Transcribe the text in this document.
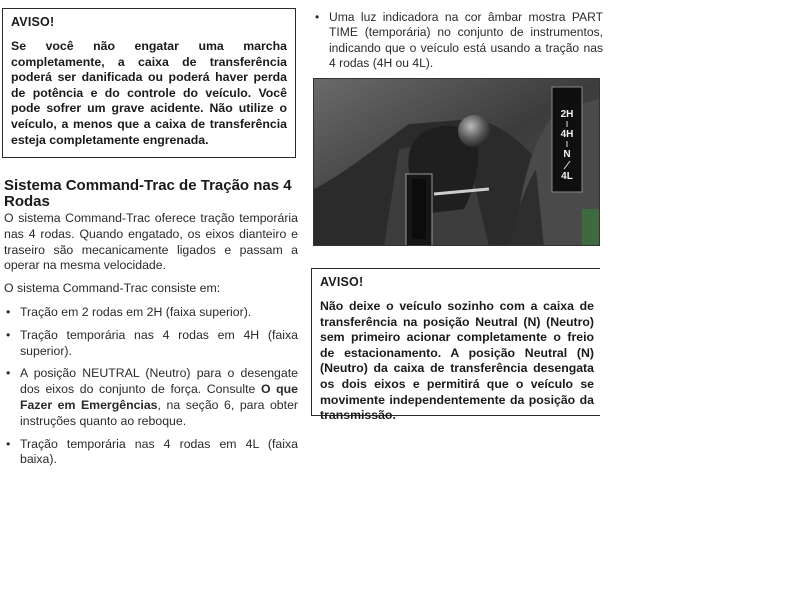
AVISO!
Se você não engatar uma marcha completamente, a caixa de transferência poderá ser danificada ou poderá haver perda de potência e do controle do veículo. Você pode sofrer um grave acidente. Não utilize o veículo, a menos que a caixa de transferência esteja completamente engrenada.
Sistema Command-Trac de Tração nas 4 Rodas

O sistema Command-Trac oferece tração temporária nas 4 rodas. Quando engatado, os eixos dianteiro e traseiro são mecanicamente ligados e passam a operar na mesma velocidade.

O sistema Command-Trac consiste em:

• Tração em 2 rodas em 2H (faixa superior).
• Tração temporária nas 4 rodas em 4H (faixa superior).
• A posição NEUTRAL (Neutro) para o desengate dos eixos do conjunto de força. Consulte O que Fazer em Emergências, na seção 6, para obter instruções quanto ao reboque.
• Tração temporária nas 4 rodas em 4L (faixa baixa).
• Uma luz indicadora na cor âmbar mostra PART TIME (temporária) no conjunto de instrumentos, indicando que o veículo está usando a tração nas 4 rodas (4H ou 4L).
2H
4H
N
4L
AVISO!
Não deixe o veículo sozinho com a caixa de transferência na posição Neutral (N) (Neutro) sem primeiro acionar completamente o freio de estacionamento. A posição Neutral (N) (Neutro) da caixa de transferência desengata os dois eixos e permitirá que o veículo se movimente independentemente da posição da transmissão.
